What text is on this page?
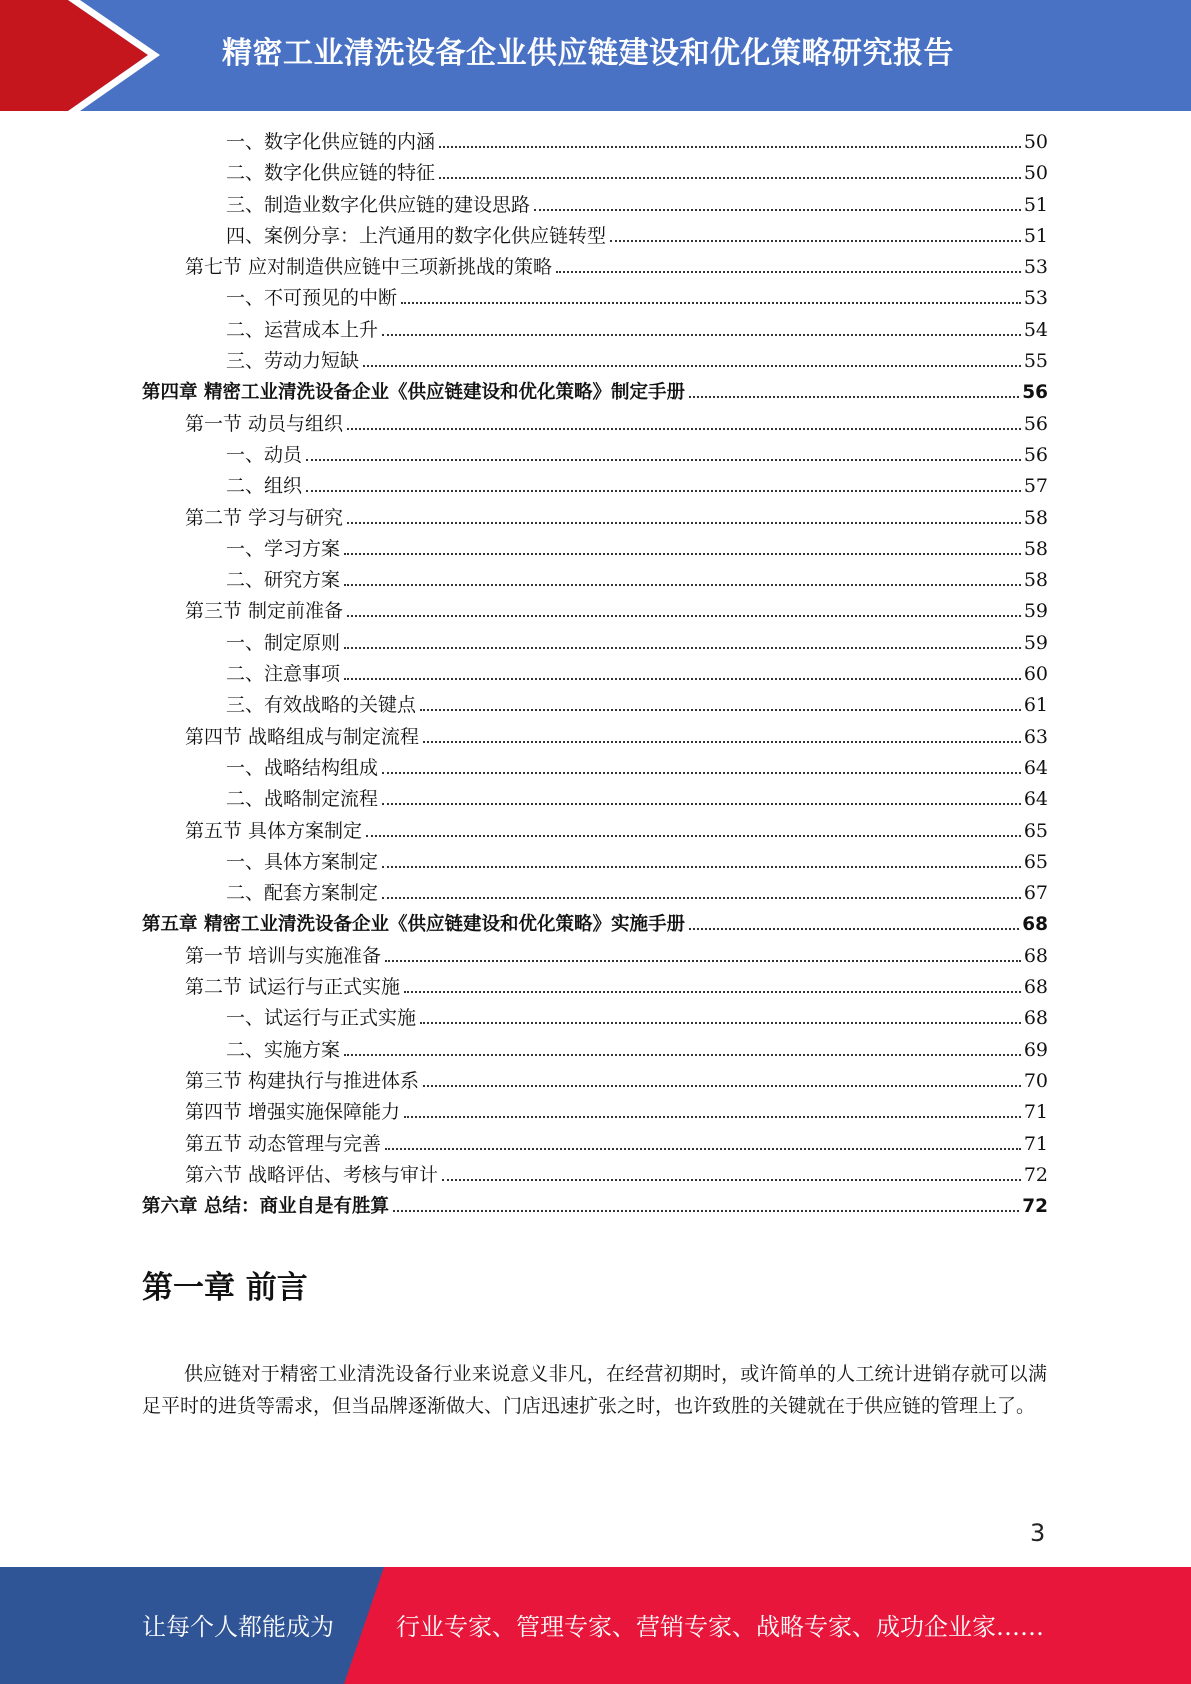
精密工业清洗设备企业供应链建设和优化策略研究报告
一、数字化供应链的内涵	50
二、数字化供应链的特征	50
三、制造业数字化供应链的建设思路	51
四、案例分享：上汽通用的数字化供应链转型	51
第七节 应对制造供应链中三项新挑战的策略	53
一、不可预见的中断	53
二、运营成本上升	54
三、劳动力短缺	55
第四章 精密工业清洗设备企业《供应链建设和优化策略》制定手册	56
第一节 动员与组织	56
一、动员	56
二、组织	57
第二节 学习与研究	58
一、学习方案	58
二、研究方案	58
第三节 制定前准备	59
一、制定原则	59
二、注意事项	60
三、有效战略的关键点	61
第四节 战略组成与制定流程	63
一、战略结构组成	64
二、战略制定流程	64
第五节 具体方案制定	65
一、具体方案制定	65
二、配套方案制定	67
第五章 精密工业清洗设备企业《供应链建设和优化策略》实施手册	68
第一节 培训与实施准备	68
第二节 试运行与正式实施	68
一、试运行与正式实施	68
二、实施方案	69
第三节 构建执行与推进体系	70
第四节 增强实施保障能力	71
第五节 动态管理与完善	71
第六节 战略评估、考核与审计	72
第六章 总结：商业自是有胜算	72
第一章 前言

供应链对于精密工业清洗设备行业来说意义非凡，在经营初期时，或许简单的人工统计进销存就可以满足平时的进货等需求，但当品牌逐渐做大、门店迅速扩张之时，也许致胜的关键就在于供应链的管理上了。

3
让每个人都能成为	行业专家、管理专家、营销专家、战略专家、成功企业家……
